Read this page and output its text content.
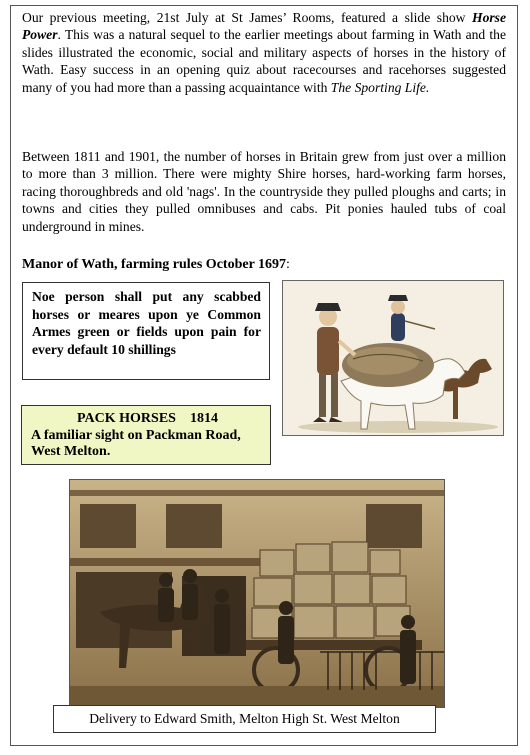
Our previous meeting, 21st July at St James’ Rooms, featured a slide show Horse Power. This was a natural sequel to the earlier meetings about farming in Wath and the slides illustrated the economic, social and military aspects of horses in the history of Wath. Easy success in an opening quiz about racecourses and racehorses suggested many of you had more than a passing acquaintance with The Sporting Life.

Between 1811 and 1901, the number of horses in Britain grew from just over a million to more than 3 million. There were mighty Shire horses, hard-working farm horses, racing thoroughbreds and old 'nags'. In the countryside they pulled ploughs and carts; in towns and cities they pulled omnibuses and cabs. Pit ponies hauled tubs of coal underground in mines.

Manor of Wath, farming rules October 1697:

Noe person shall put any scabbed horses or meares upon ye Common Armes green or fields upon pain for every default 10 shillings

PACK HORSES 1814
A familiar sight on Packman Road,
West Melton.
Delivery to Edward Smith, Melton High St. West Melton
